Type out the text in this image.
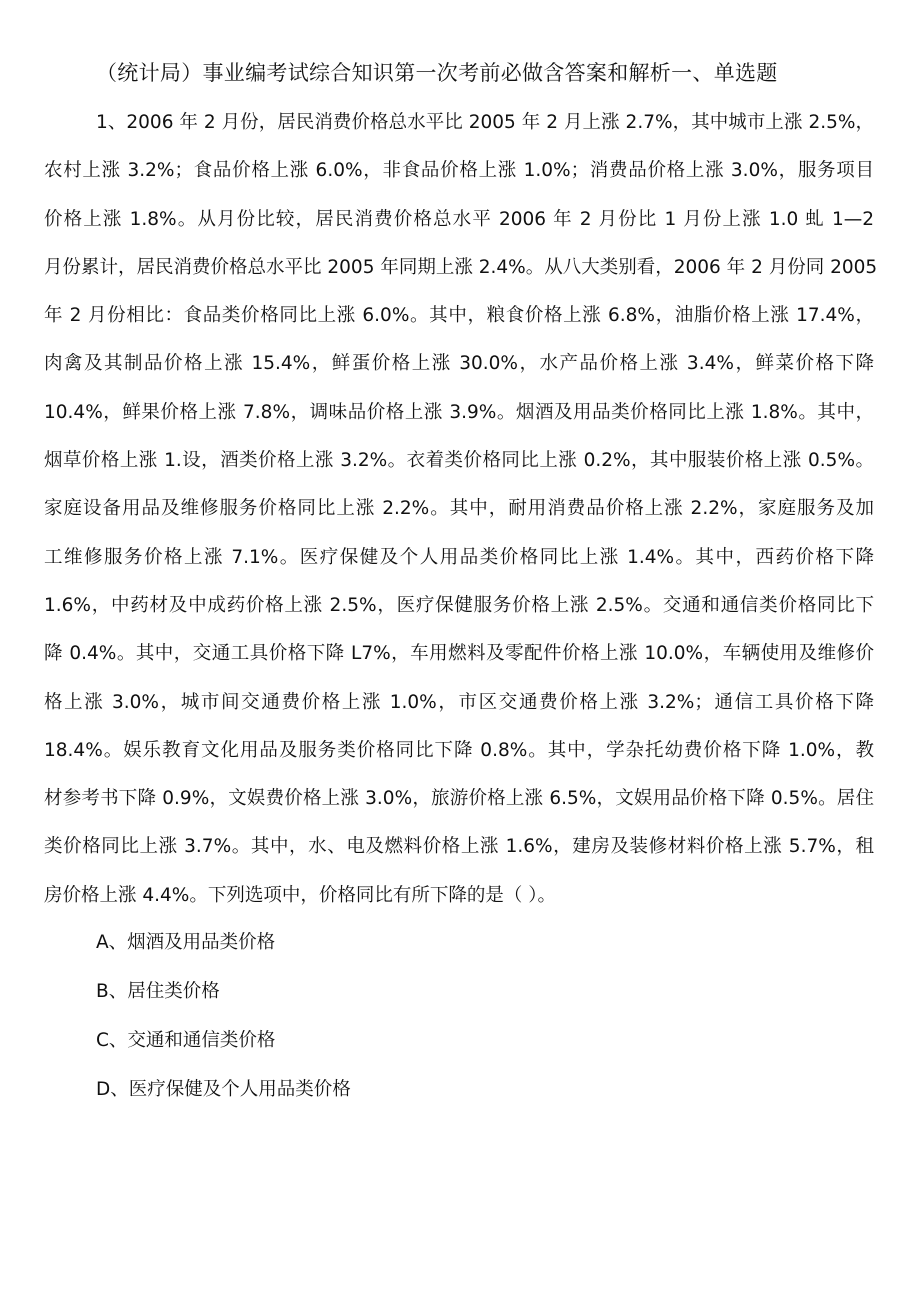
（统计局）事业编考试综合知识第一次考前必做含答案和解析一、单选题
1、2006 年 2 月份，居民消费价格总水平比 2005 年 2 月上涨 2.7%，其中城市上涨 2.5%，
农村上涨 3.2%；食品价格上涨 6.0%，非食品价格上涨 1.0%；消费品价格上涨 3.0%，服务项目
价格上涨 1.8%。从月份比较，居民消费价格总水平 2006 年 2 月份比 1 月份上涨 1.0 虬 1—2
月份累计，居民消费价格总水平比 2005 年同期上涨 2.4%。从八大类别看，2006 年 2 月份同 2005
年 2 月份相比：食品类价格同比上涨 6.0%。其中，粮食价格上涨 6.8%，油脂价格上涨 17.4%，
肉禽及其制品价格上涨 15.4%，鲜蛋价格上涨 30.0%，水产品价格上涨 3.4%，鲜菜价格下降
10.4%，鲜果价格上涨 7.8%，调味品价格上涨 3.9%。烟酒及用品类价格同比上涨 1.8%。其中，
烟草价格上涨 1.设，酒类价格上涨 3.2%。衣着类价格同比上涨 0.2%，其中服装价格上涨 0.5%。
家庭设备用品及维修服务价格同比上涨 2.2%。其中，耐用消费品价格上涨 2.2%，家庭服务及加
工维修服务价格上涨 7.1%。医疗保健及个人用品类价格同比上涨 1.4%。其中，西药价格下降
1.6%，中药材及中成药价格上涨 2.5%，医疗保健服务价格上涨 2.5%。交通和通信类价格同比下
降 0.4%。其中，交通工具价格下降 L7%，车用燃料及零配件价格上涨 10.0%，车辆使用及维修价
格上涨 3.0%，城市间交通费价格上涨 1.0%，市区交通费价格上涨 3.2%；通信工具价格下降
18.4%。娱乐教育文化用品及服务类价格同比下降 0.8%。其中，学杂托幼费价格下降 1.0%，教
材参考书下降 0.9%，文娱费价格上涨 3.0%，旅游价格上涨 6.5%，文娱用品价格下降 0.5%。居住
类价格同比上涨 3.7%。其中，水、电及燃料价格上涨 1.6%，建房及装修材料价格上涨 5.7%，租
房价格上涨 4.4%。下列选项中，价格同比有所下降的是（ ）。
A、烟酒及用品类价格
B、居住类价格
C、交通和通信类价格
D、医疗保健及个人用品类价格
